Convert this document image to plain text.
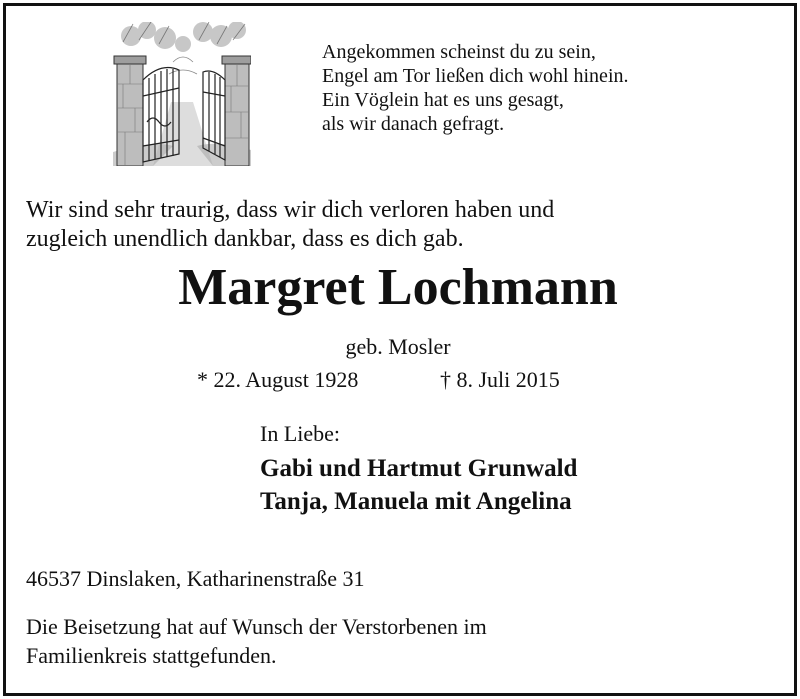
Angekommen scheinst du zu sein,
Engel am Tor ließen dich wohl hinein.
Ein Vöglein hat es uns gesagt,
als wir danach gefragt.
Wir sind sehr traurig, dass wir dich verloren haben und
zugleich unendlich dankbar, dass es dich gab.
Margret Lochmann
geb. Mosler
* 22. August 1928	† 8. Juli 2015
In Liebe:
Gabi und Hartmut Grunwald
Tanja, Manuela mit Angelina
46537 Dinslaken, Katharinenstraße 31
Die Beisetzung hat auf Wunsch der Verstorbenen im
Familienkreis stattgefunden.
